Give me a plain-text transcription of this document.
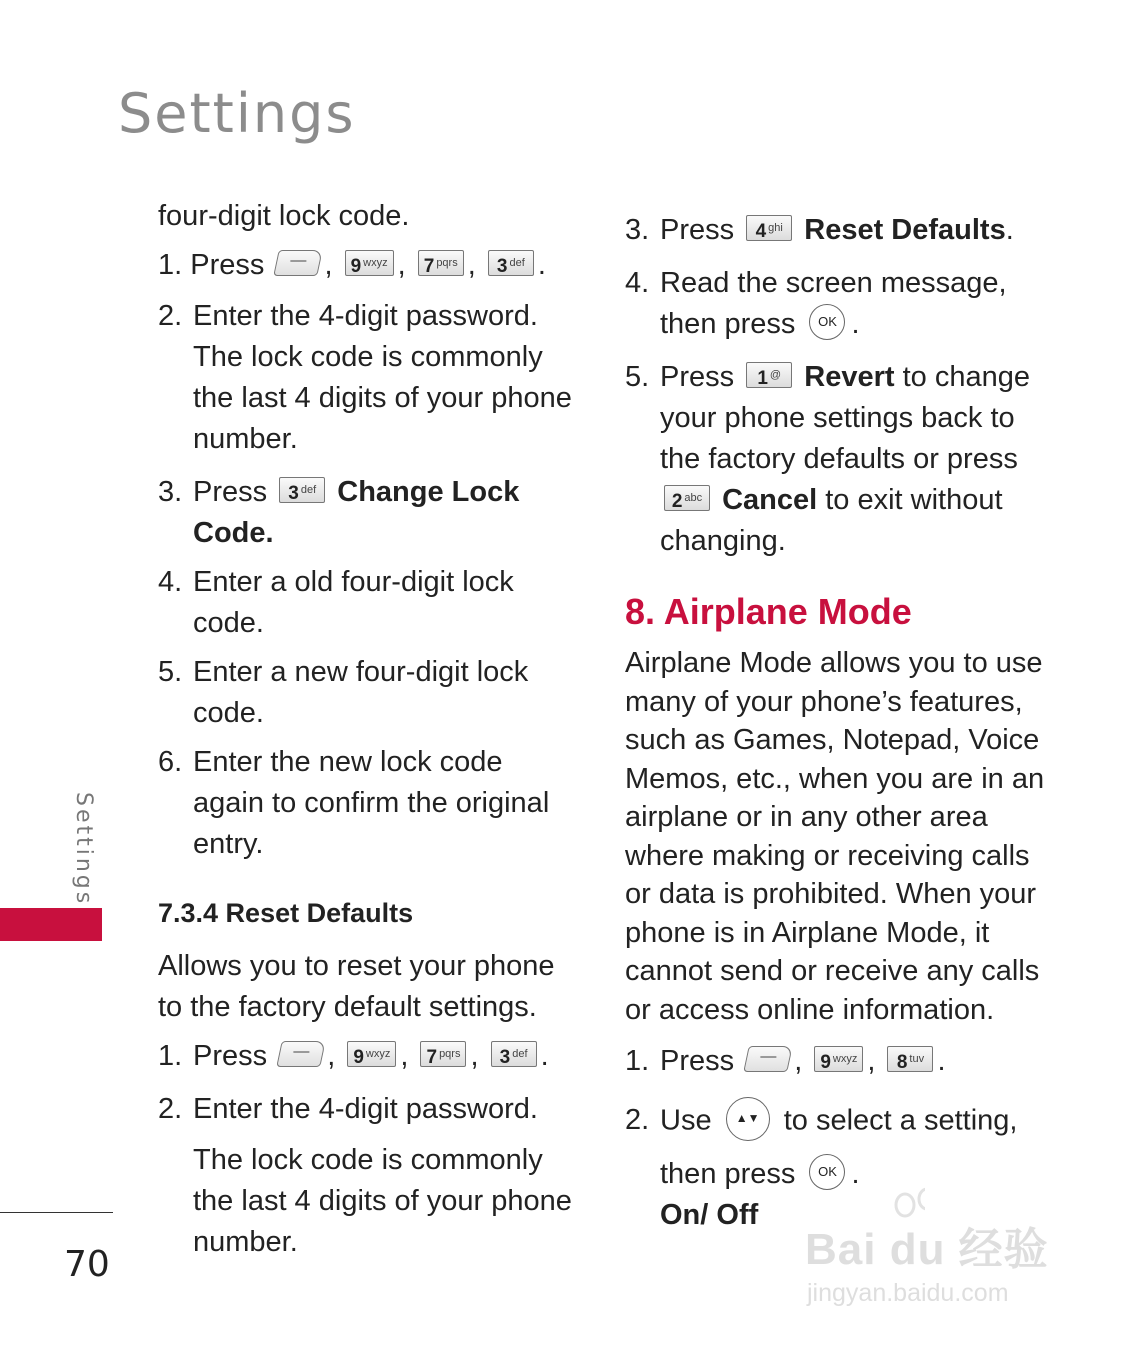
Settings
Settings
70

four-digit lock code.

1. Press — , 9 $^{wxyz}$ , 7 $^{pqrs}$ , 3 $^{def}$ .

2. Enter the 4-digit password. The lock code is commonly the last 4 digits of your phone number.

3. Press 3 $^{def}$ Change Lock Code.

4. Enter a old four-digit lock code.

5. Enter a new four-digit lock code.

6. Enter the new lock code again to confirm the original entry.

7.3.4 Reset Defaults

Allows you to reset your phone to the factory default settings.

1. Press — , 9 $^{wxyz}$ , 7 $^{pqrs}$ , 3 $^{def}$ .

2. Enter the 4-digit password.

The lock code is commonly the last 4 digits of your phone number.

3. Press 4 $^{ghi}$ Reset Defaults.

4. Read the screen message, then press OK .

5. Press 1 @ Revert to change your phone settings back to the factory defaults or press 2 $^{abc}$ Cancel to exit without changing.

8. Airplane Mode

Airplane Mode allows you to use many of your phone’s features, such as Games, Notepad, Voice Memos, etc., when you are in an airplane or in any other area where making or receiving calls or data is prohibited. When your phone is in Airplane Mode, it cannot send or receive any calls or access online information.

1. Press — , 9 $^{wxyz}$ , 8 $^{tuv}$ .

2. Use ▲▼ to select a setting,
then press OK .
On/ Off

Bai du 经验
jingyan.baidu.com
